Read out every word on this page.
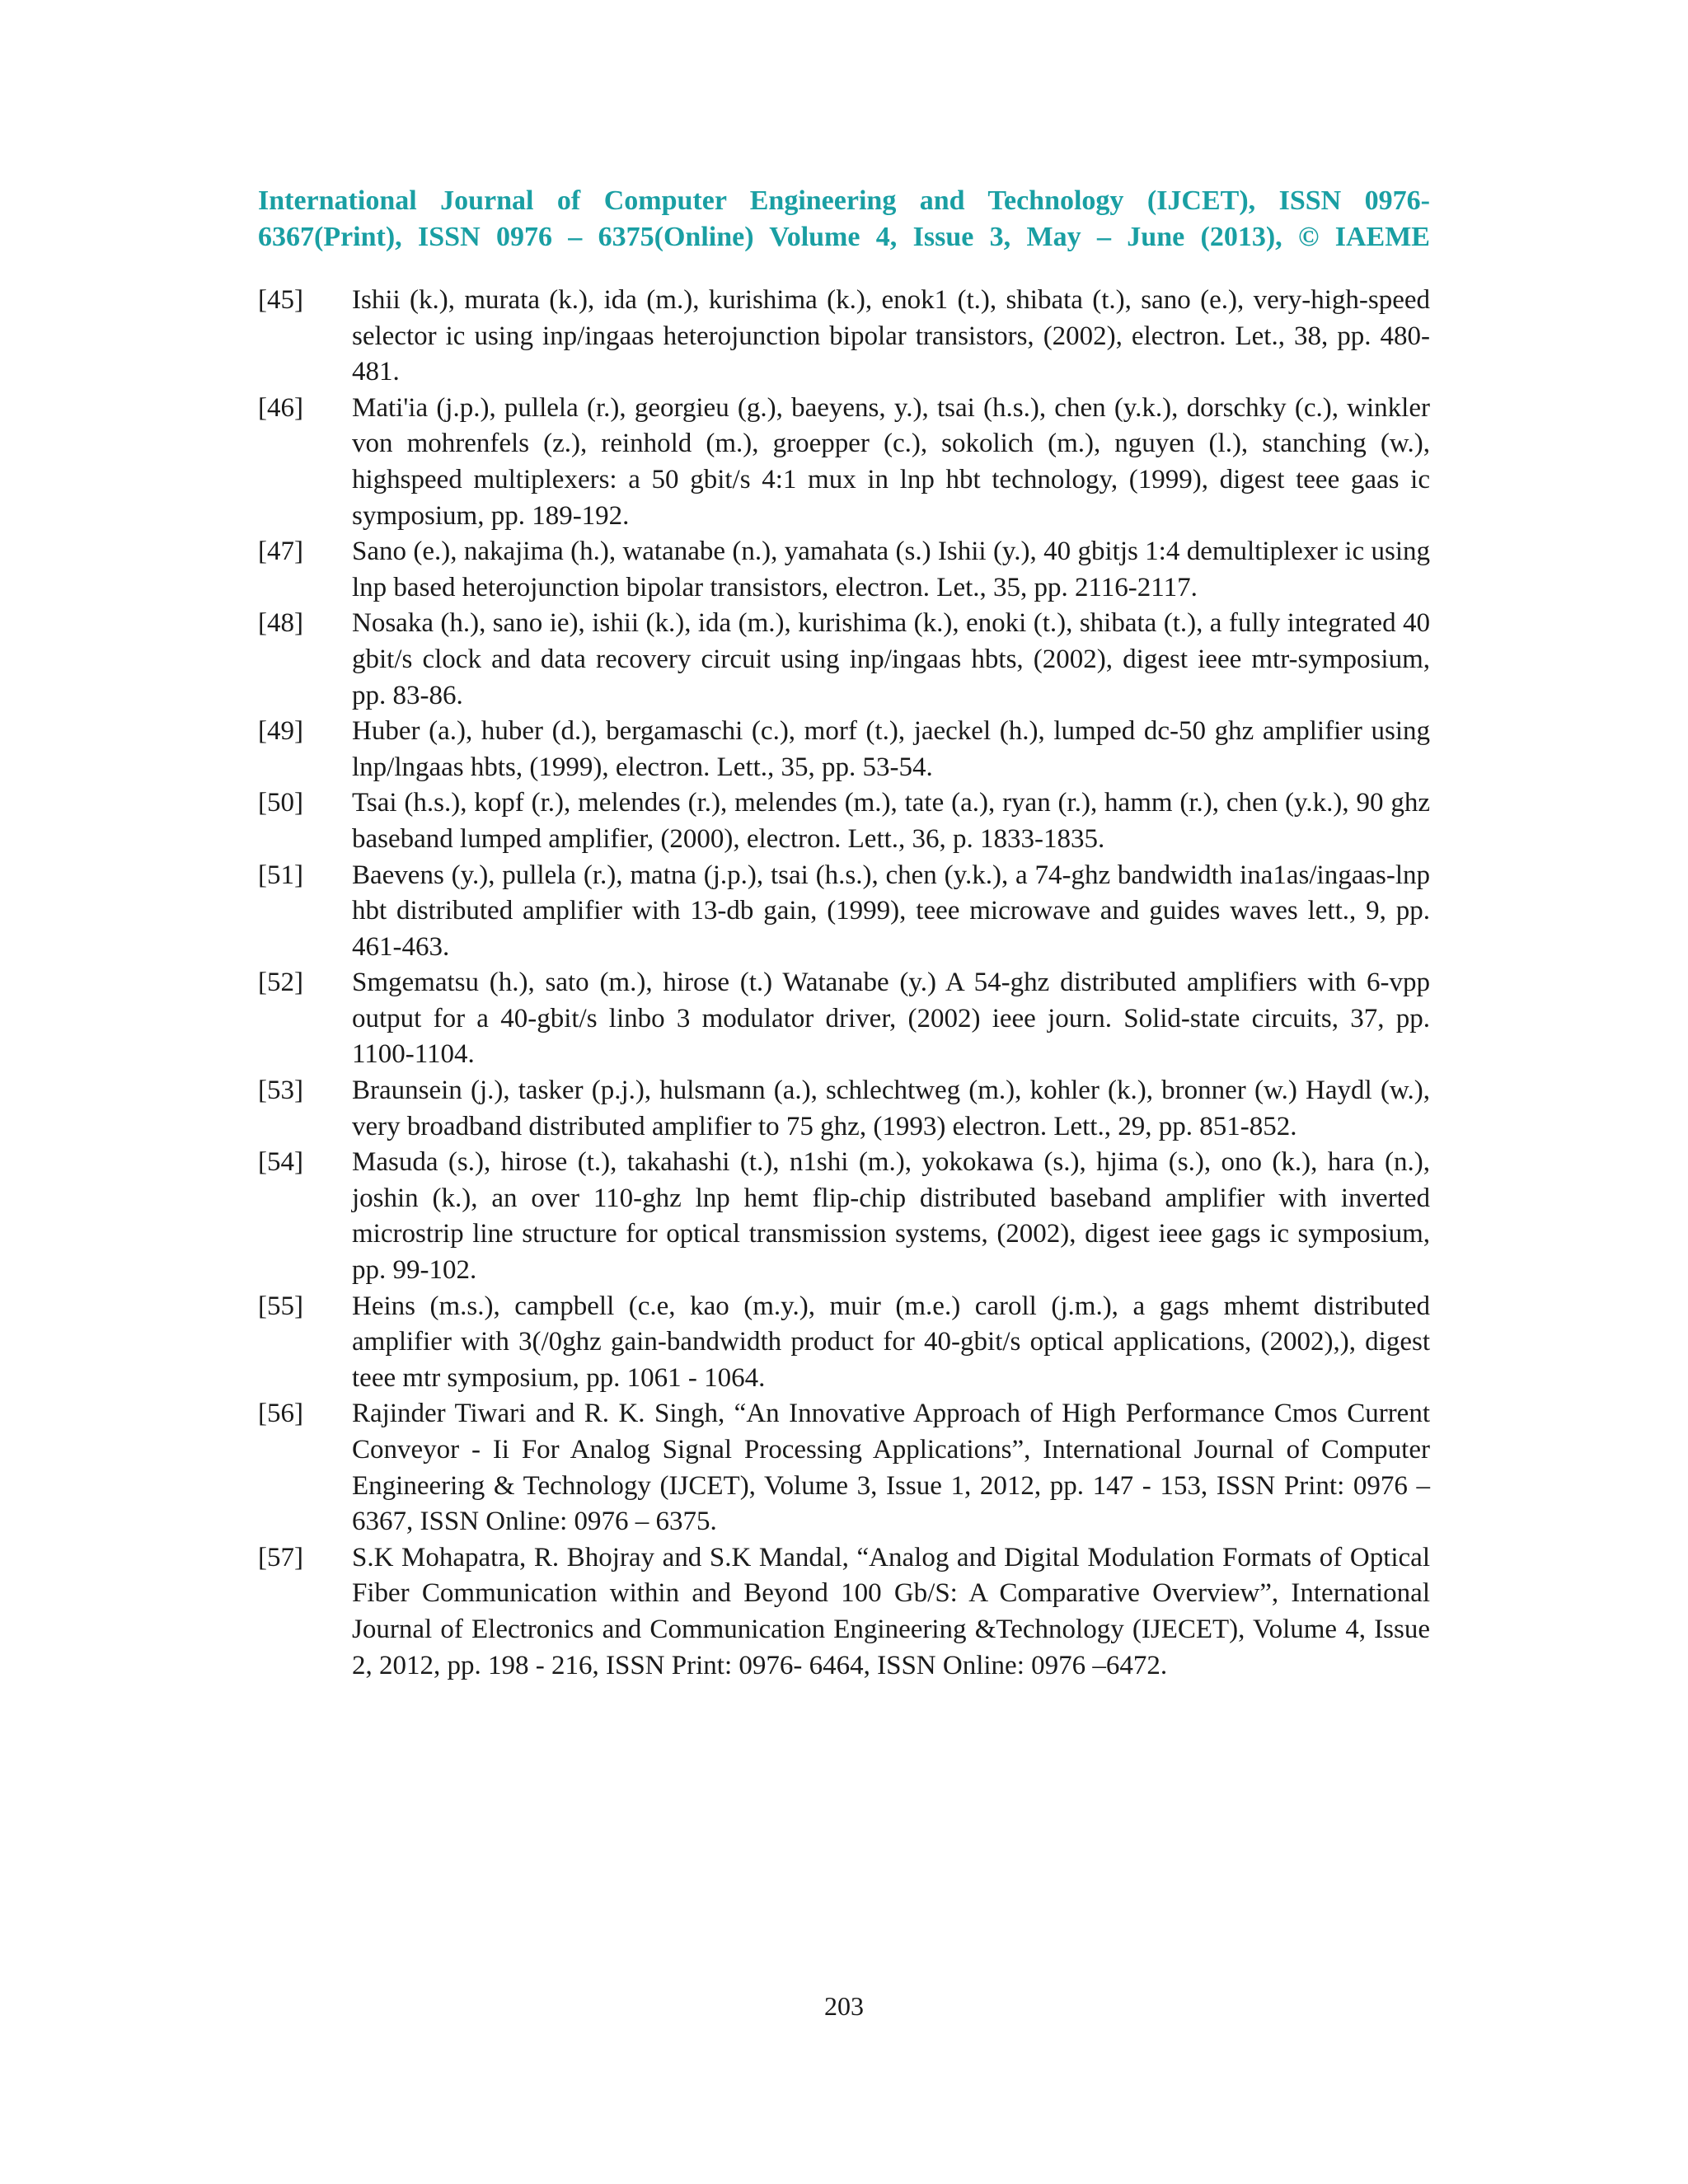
International Journal of Computer Engineering and Technology (IJCET), ISSN 0976-
6367(Print), ISSN 0976 – 6375(Online) Volume 4, Issue 3, May – June (2013), © IAEME
[45]	Ishii (k.), murata (k.), ida (m.), kurishima (k.), enok1 (t.), shibata (t.), sano (e.), very-high-speed selector ic using inp/ingaas heterojunction bipolar transistors, (2002), electron. Let., 38, pp. 480-481.
[46]	Mati'ia (j.p.), pullela (r.), georgieu (g.), baeyens, y.), tsai (h.s.), chen (y.k.), dorschky (c.), winkler von mohrenfels (z.), reinhold (m.), groepper (c.), sokolich (m.), nguyen (l.), stanching (w.), highspeed multiplexers: a 50 gbit/s 4:1 mux in lnp hbt technology, (1999), digest teee gaas ic symposium, pp. 189-192.
[47]	Sano (e.), nakajima (h.), watanabe (n.), yamahata (s.) Ishii (y.), 40 gbitjs 1:4 demultiplexer ic using lnp based heterojunction bipolar transistors, electron. Let., 35, pp. 2116-2117.
[48]	Nosaka (h.), sano ie), ishii (k.), ida (m.), kurishima (k.), enoki (t.), shibata (t.), a fully integrated 40 gbit/s clock and data recovery circuit using inp/ingaas hbts, (2002), digest ieee mtr-symposium, pp. 83-86.
[49]	Huber (a.), huber (d.), bergamaschi (c.), morf (t.), jaeckel (h.), lumped dc-50 ghz amplifier using lnp/lngaas hbts, (1999), electron. Lett., 35, pp. 53-54.
[50]	Tsai (h.s.), kopf (r.), melendes (r.), melendes (m.), tate (a.), ryan (r.), hamm (r.), chen (y.k.), 90 ghz baseband lumped amplifier, (2000), electron. Lett., 36, p. 1833-1835.
[51]	Baevens (y.), pullela (r.), matna (j.p.), tsai (h.s.), chen (y.k.), a 74-ghz bandwidth ina1as/ingaas-lnp hbt distributed amplifier with 13-db gain, (1999), teee microwave and guides waves lett., 9, pp. 461-463.
[52]	Smgematsu (h.), sato (m.), hirose (t.) Watanabe (y.) A 54-ghz distributed amplifiers with 6-vpp output for a 40-gbit/s linbo 3 modulator driver, (2002) ieee journ. Solid-state circuits, 37, pp. 1100-1104.
[53]	Braunsein (j.), tasker (p.j.), hulsmann (a.), schlechtweg (m.), kohler (k.), bronner (w.) Haydl (w.), very broadband distributed amplifier to 75 ghz, (1993) electron. Lett., 29, pp. 851-852.
[54]	Masuda (s.), hirose (t.), takahashi (t.), n1shi (m.), yokokawa (s.), hjima (s.), ono (k.), hara (n.), joshin (k.), an over 110-ghz lnp hemt flip-chip distributed baseband amplifier with inverted microstrip line structure for optical transmission systems, (2002), digest ieee gags ic symposium, pp. 99-102.
[55]	Heins (m.s.), campbell (c.e, kao (m.y.), muir (m.e.) caroll (j.m.), a gags mhemt distributed amplifier with 3(/0ghz gain-bandwidth product for 40-gbit/s optical applications, (2002),), digest teee mtr symposium, pp. 1061 - 1064.
[56]	Rajinder Tiwari and R. K. Singh, “An Innovative Approach of High Performance Cmos Current Conveyor - Ii For Analog Signal Processing Applications”, International Journal of Computer Engineering & Technology (IJCET), Volume 3, Issue 1, 2012, pp. 147 - 153, ISSN Print: 0976 – 6367, ISSN Online: 0976 – 6375.
[57]	S.K Mohapatra, R. Bhojray and S.K Mandal, “Analog and Digital Modulation Formats of Optical Fiber Communication within and Beyond 100 Gb/S: A Comparative Overview”, International Journal of Electronics and Communication Engineering &Technology (IJECET), Volume 4, Issue 2, 2012, pp. 198 - 216, ISSN Print: 0976- 6464, ISSN Online: 0976 –6472.
203
